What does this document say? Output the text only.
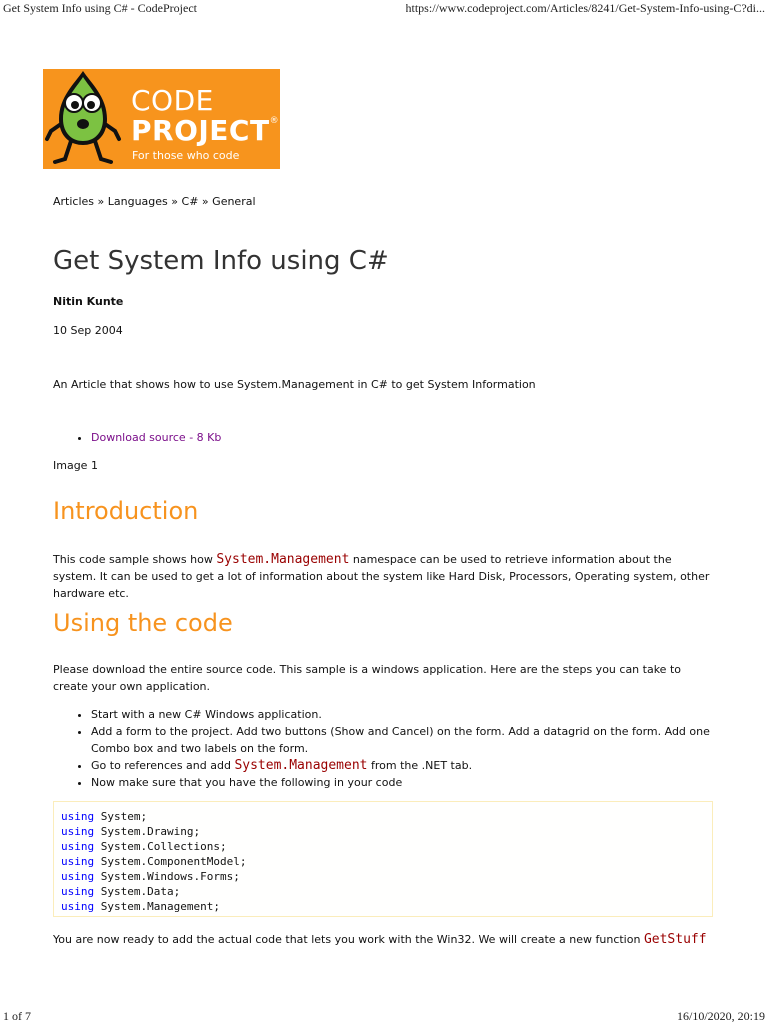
Get System Info using C# - CodeProject	https://www.codeproject.com/Articles/8241/Get-System-Info-using-C?di...
CODE
PROJECT®
For those who code
Articles » Languages » C# » General
Get System Info using C#
Nitin Kunte
10 Sep 2004
An Article that shows how to use System.Management in C# to get System Information
• Download source - 8 Kb
Image 1
Introduction

This code sample shows how System.Management namespace can be used to retrieve information about the system. It can be used to get a lot of information about the system like Hard Disk, Processors, Operating system, other hardware etc.

Using the code

Please download the entire source code. This sample is a windows application. Here are the steps you can take to create your own application.

• Start with a new C# Windows application.
• Add a form to the project. Add two buttons (Show and Cancel) on the form. Add a datagrid on the form. Add one Combo box and two labels on the form.
• Go to references and add System.Management from the .NET tab.
• Now make sure that you have the following in your code
using System;
using System.Drawing;
using System.Collections;
using System.ComponentModel;
using System.Windows.Forms;
using System.Data;
using System.Management;

You are now ready to add the actual code that lets you work with the Win32. We will create a new function GetStuff

1 of 7	16/10/2020, 20:19
